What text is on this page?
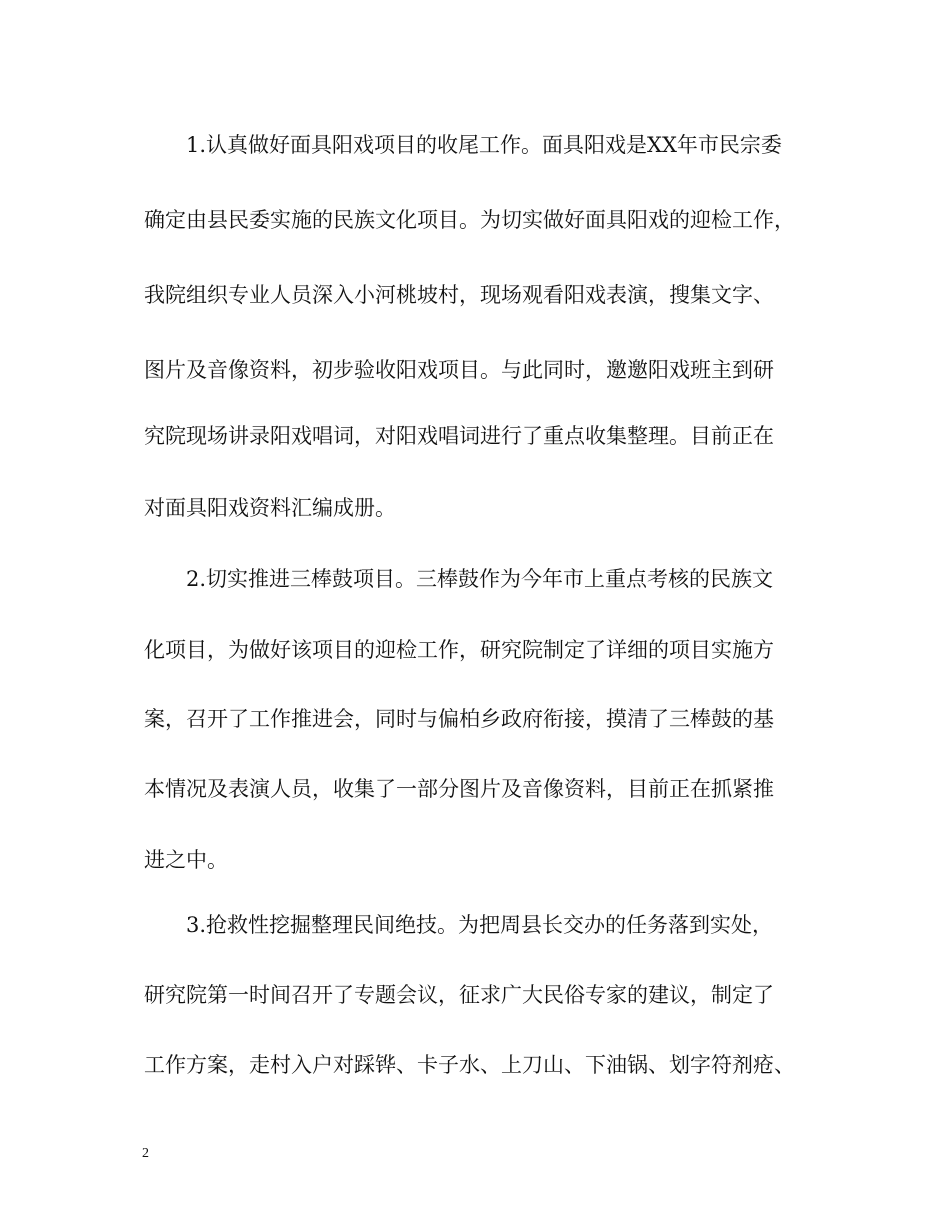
1.认真做好面具阳戏项目的收尾工作。面具阳戏是XX年市民宗委
确定由县民委实施的民族文化项目。为切实做好面具阳戏的迎检工作，
我院组织专业人员深入小河桃坡村，现场观看阳戏表演，搜集文字、
图片及音像资料，初步验收阳戏项目。与此同时，邀邀阳戏班主到研
究院现场讲录阳戏唱词，对阳戏唱词进行了重点收集整理。目前正在
对面具阳戏资料汇编成册。
2.切实推进三棒鼓项目。三棒鼓作为今年市上重点考核的民族文
化项目，为做好该项目的迎检工作，研究院制定了详细的项目实施方
案，召开了工作推进会，同时与偏柏乡政府衔接，摸清了三棒鼓的基
本情况及表演人员，收集了一部分图片及音像资料，目前正在抓紧推
进之中。
3.抢救性挖掘整理民间绝技。为把周县长交办的任务落到实处，
研究院第一时间召开了专题会议，征求广大民俗专家的建议，制定了
工作方案，走村入户对踩铧、卡子水、上刀山、下油锅、划字符剂疮、
2
